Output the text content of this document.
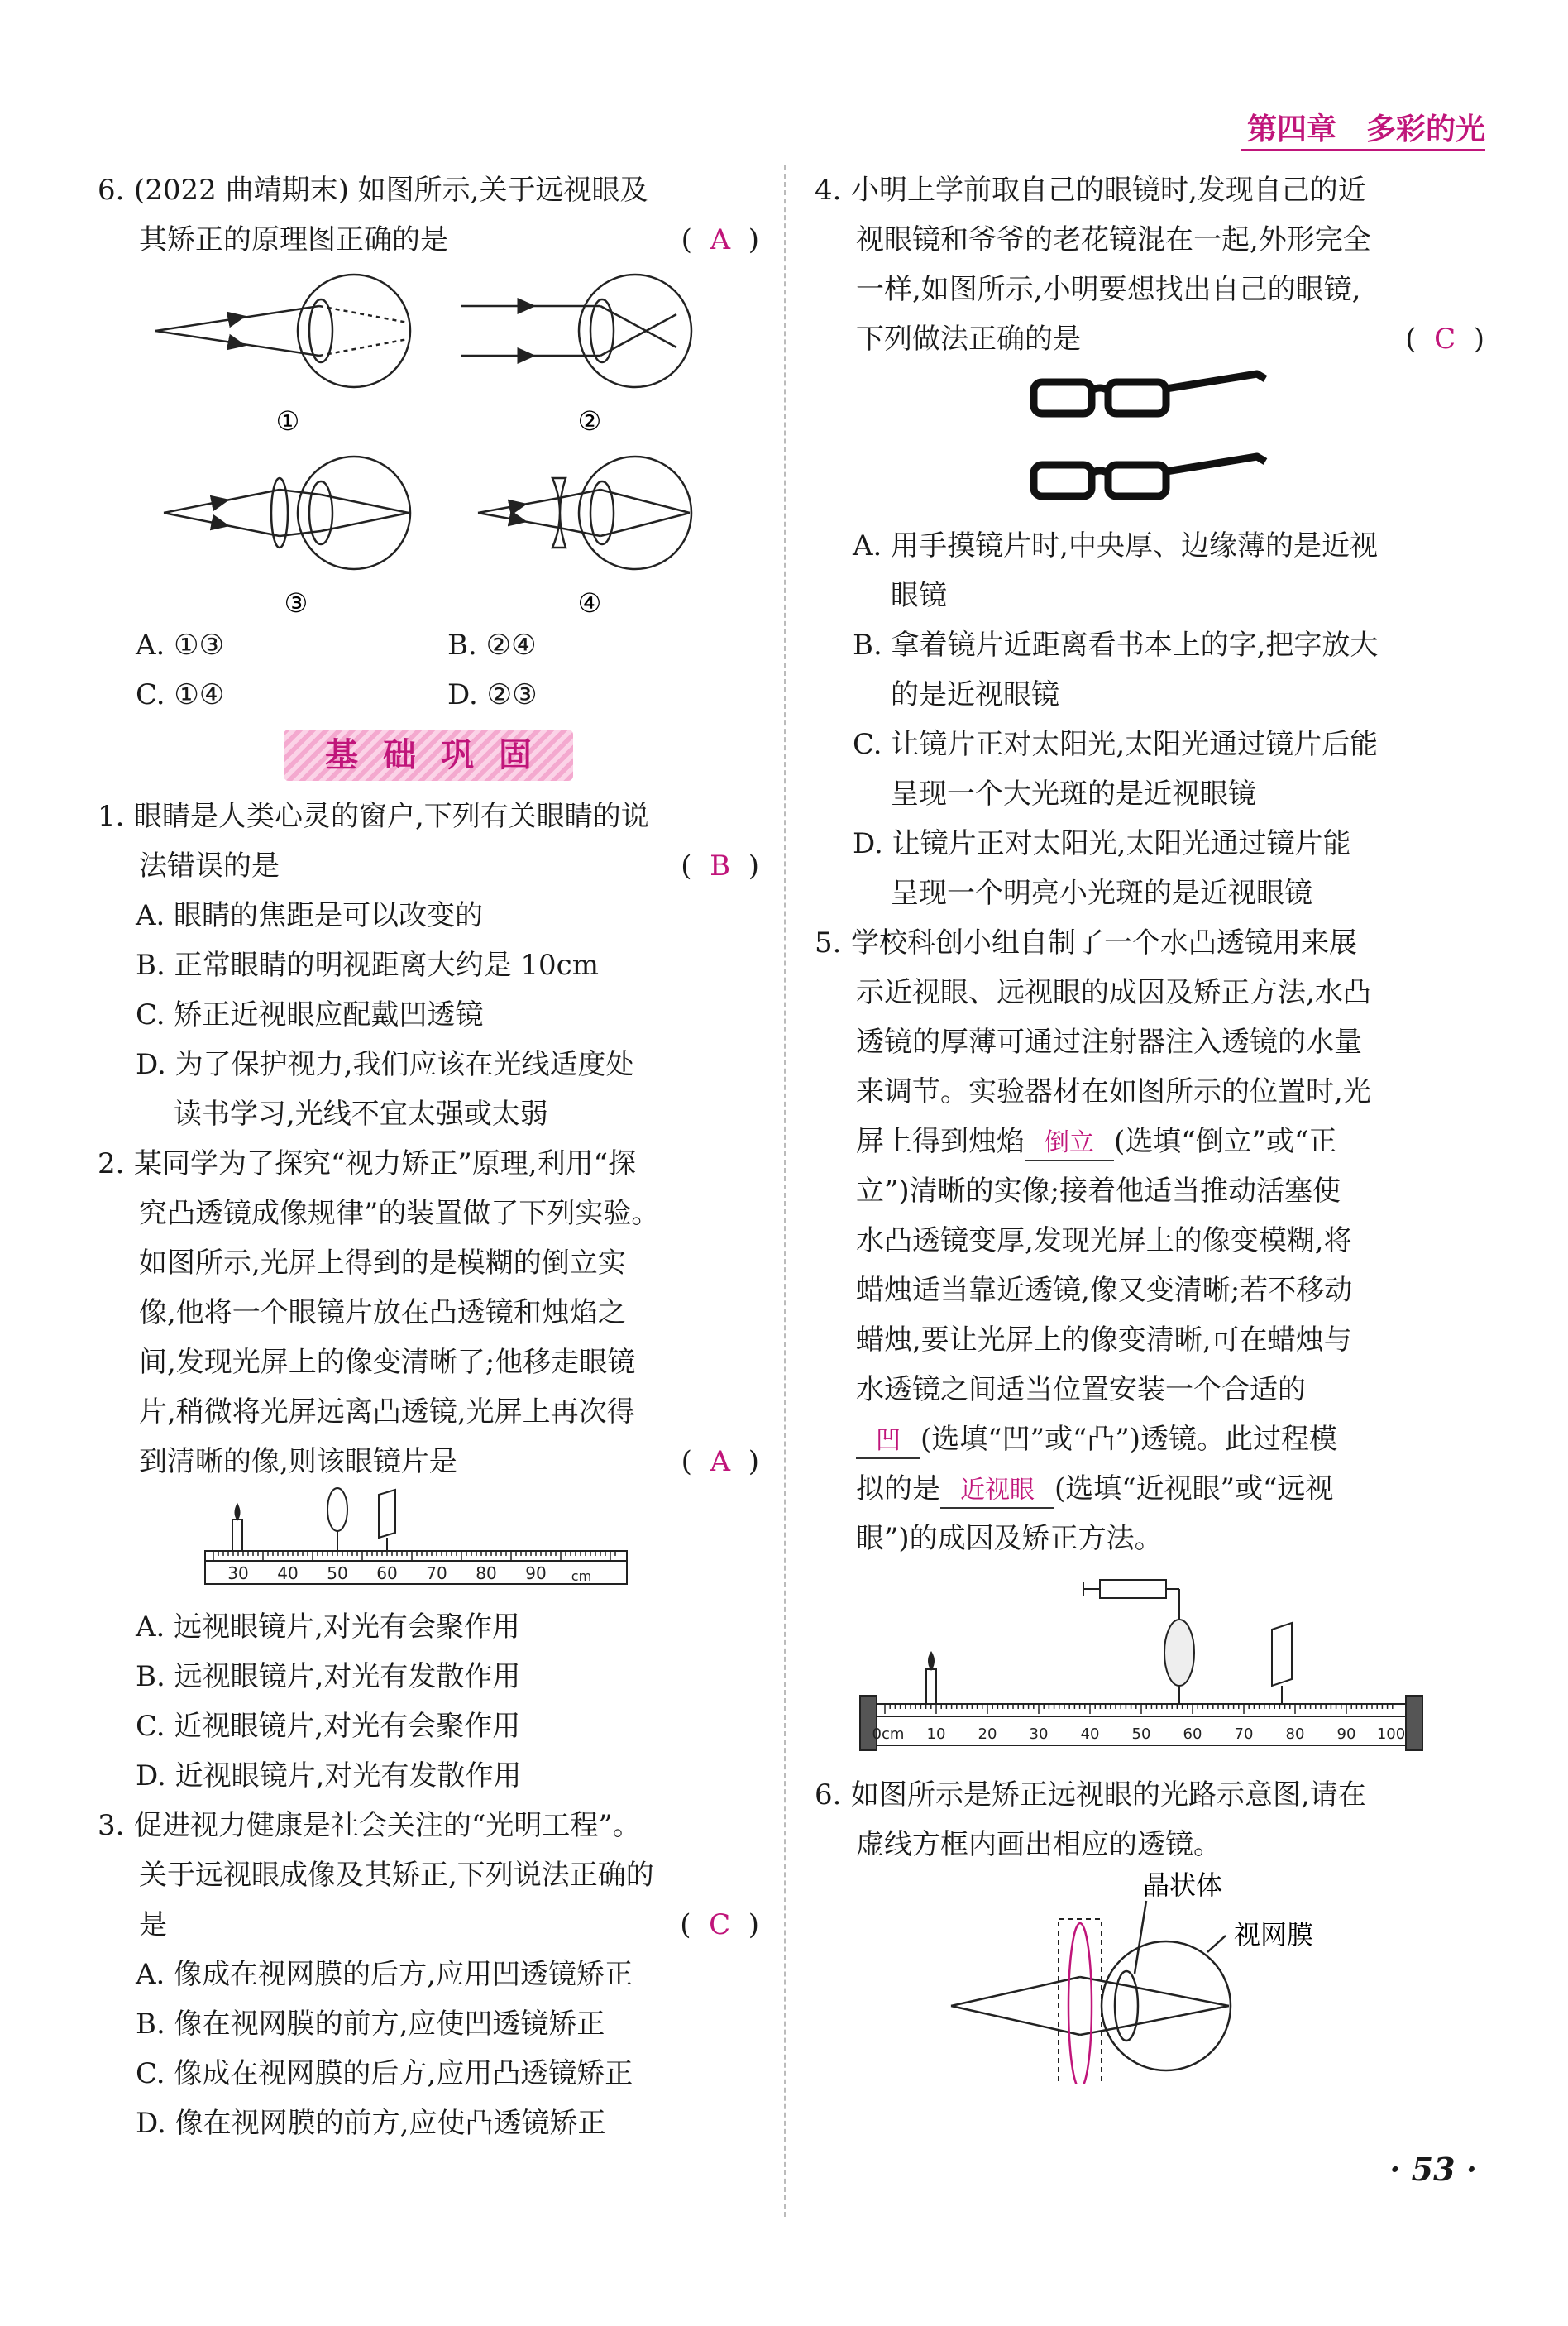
第四章　多彩的光
6. (2022 曲靖期末) 如图所示,关于远视眼及
其矫正的原理图正确的是	(  A  )
①	②
③	④
A. ①③	B. ②④
C. ①④	D. ②③
基础巩固
1. 眼睛是人类心灵的窗户,下列有关眼睛的说
法错误的是	(  B  )
A. 眼睛的焦距是可以改变的
B. 正常眼睛的明视距离大约是 10cm
C. 矫正近视眼应配戴凹透镜
D. 为了保护视力,我们应该在光线适度处
读书学习,光线不宜太强或太弱
2. 某同学为了探究“视力矫正”原理,利用“探
究凸透镜成像规律”的装置做了下列实验。
如图所示,光屏上得到的是模糊的倒立实
像,他将一个眼镜片放在凸透镜和烛焰之
间,发现光屏上的像变清晰了;他移走眼镜
片,稍微将光屏远离凸透镜,光屏上再次得
到清晰的像,则该眼镜片是	(  A  )
30 40 50 60 70 80 90 cm
A. 远视眼镜片,对光有会聚作用
B. 远视眼镜片,对光有发散作用
C. 近视眼镜片,对光有会聚作用
D. 近视眼镜片,对光有发散作用
3. 促进视力健康是社会关注的“光明工程”。
关于远视眼成像及其矫正,下列说法正确的
是	(  C  )
A. 像成在视网膜的后方,应用凹透镜矫正
B. 像在视网膜的前方,应使凹透镜矫正
C. 像成在视网膜的后方,应用凸透镜矫正
D. 像在视网膜的前方,应使凸透镜矫正
4. 小明上学前取自己的眼镜时,发现自己的近
视眼镜和爷爷的老花镜混在一起,外形完全
一样,如图所示,小明要想找出自己的眼镜,
下列做法正确的是	(  C  )
A. 用手摸镜片时,中央厚、边缘薄的是近视
眼镜
B. 拿着镜片近距离看书本上的字,把字放大
的是近视眼镜
C. 让镜片正对太阳光,太阳光通过镜片后能
呈现一个大光斑的是近视眼镜
D. 让镜片正对太阳光,太阳光通过镜片能
呈现一个明亮小光斑的是近视眼镜
5. 学校科创小组自制了一个水凸透镜用来展
示近视眼、远视眼的成因及矫正方法,水凸
透镜的厚薄可通过注射器注入透镜的水量
来调节。实验器材在如图所示的位置时,光
屏上得到烛焰 倒立 (选填“倒立”或“正
立”)清晰的实像;接着他适当推动活塞使
水凸透镜变厚,发现光屏上的像变模糊,将
蜡烛适当靠近透镜,像又变清晰;若不移动
蜡烛,要让光屏上的像变清晰,可在蜡烛与
水透镜之间适当位置安装一个合适的
凹 (选填“凹”或“凸”)透镜。此过程模
拟的是 近视眼 (选填“近视眼”或“远视
眼”)的成因及矫正方法。
0cm 10 20 30 40 50 60 70 80 90 100
6. 如图所示是矫正远视眼的光路示意图,请在
虚线方框内画出相应的透镜。
晶状体
视网膜
· 53 ·
